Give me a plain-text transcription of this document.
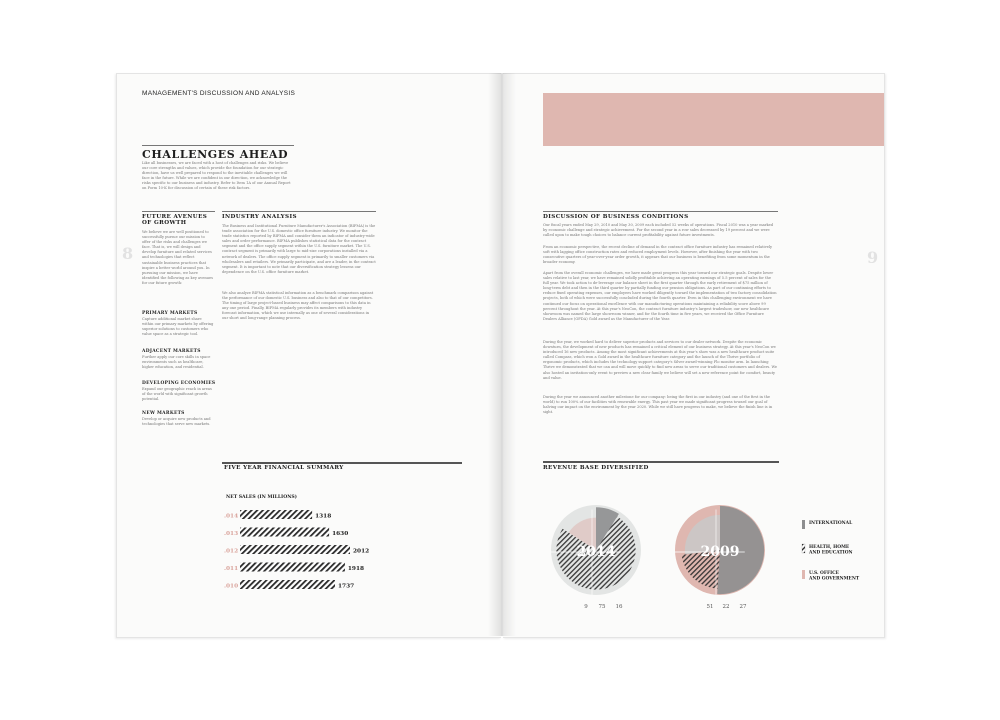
MANAGEMENT'S DISCUSSION AND ANALYSIS
8
CHALLENGES AHEAD
Like all businesses, we are faced with a host of challenges and risks. We believe our core strengths and values, which provide the foundation for our strategic direction, have us well prepared to respond to the inevitable challenges we will face in the future. While we are confident in our direction, we acknowledge the risks specific to our business and industry. Refer to Item 1A of our Annual Report on Form 10-K for discussion of certain of these risk factors.
FUTURE AVENUES OF GROWTH
We believe we are well positioned to successfully pursue our mission to offer of the risks and challenges we face. That is, we will design and develop furniture and related services and technologies that reflect sustainable business practices that inspire a better world around you. In pursuing our mission, we have identified the following as key avenues for our future growth:
PRIMARY MARKETS
Capture additional market share within our primary markets by offering superior solutions to customers who value space as a strategic tool.
ADJACENT MARKETS
Further apply our core skills in space environments such as healthcare, higher education, and residential.
DEVELOPING ECONOMIES
Expand our geographic reach in areas of the world with significant growth potential.
NEW MARKETS
Develop or acquire new products and technologies that serve new markets.
INDUSTRY ANALYSIS
The Business and Institutional Furniture Manufacturer's Association (BIFMA) is the trade association for the U.S. domestic office furniture industry. We monitor the trade statistics reported by BIFMA and consider them an indicator of industry-wide sales and order performance. BIFMA publishes statistical data for the contract segment and the office supply segment within the U.S. furniture market. The U.S. contract segment is primarily with large to mid-size corporations installed via a network of dealers. The office supply segment is primarily to smaller customers via wholesalers and retailers. We primarily participate, and are a leader, in the contract segment. It is important to note that our diversification strategy lessens our dependence on the U.S. office furniture market.
We also analyze BIFMA statistical information as a benchmark comparison against the performance of our domestic U.S. business and also to that of our competitors. The timing of large project-based business may affect comparisons to this data in any one period. Finally, BIFMA regularly provides its members with industry forecast information, which we use internally as one of several considerations in our short and long-range planning process.
FIVE YEAR FINANCIAL SUMMARY
NET SALES (IN MILLIONS)
.014	1318
.013	1630
.012	2012
.011	1918
.010	1737
9
DISCUSSION OF BUSINESS CONDITIONS
Our fiscal years ended May 29, 2010 and May 30, 2009 each included 52 weeks of operations. Fiscal 2010 was a year marked by economic challenge and strategic achievement. For the second year in a row sales decreased by 19 percent and we were called upon to make tough choices to balance current profitability against future investments.
From an economic perspective, the recent decline of demand in the contract office furniture industry has remained relatively soft with lagging office construction rates and reduced employment levels. However, after finishing the year with two consecutive quarters of year-over-year order growth, it appears that our business is benefiting from some momentum in the broader economy.
Apart from the overall economic challenges, we have made great progress this year toward our strategic goals. Despite lower sales relative to last year, we have remained solidly profitable achieving an operating earnings of 5.5 percent of sales for the full year. We took action to de-leverage our balance sheet in the first quarter through the early retirement of $75 million of long-term debt and then in the third quarter by partially funding our pension obligations. As part of our continuing efforts to reduce fixed operating expenses, our employees have worked diligently toward the implementation of two factory consolidation projects, both of which were successfully concluded during the fourth quarter. Even in this challenging environment we have continued our focus on operational excellence with our manufacturing operations maintaining a reliability score above 99 percent throughout the year. At this year's NeoCon, the contract furniture industry's largest tradeshow, our new healthcare showroom was named the large showroom winner, and for the fourth time in five years, we received the Office Furniture Dealers Alliance (OFDA) Gold award as the Manufacturer of the Year.
During the year, we worked hard to deliver superior products and services to our dealer network. Despite the economic downturn, the development of new products has remained a critical element of our business strategy. At this year's NeoCon we introduced 16 new products. Among the most significant achievements at this year's show was a new healthcare product suite called Compass, which won a Gold award in the healthcare furniture category and the launch of the Thrive portfolio of ergonomic products, which includes the technology support category's Silver award-winning Flo monitor arm. In launching Thrive we demonstrated that we can and will move quickly to find new areas to serve our traditional customers and dealers. We also hosted an invitation-only event to preview a new clear family we believe will set a new reference point for comfort, beauty and value.
During the year we announced another milestone for our company: being the first in our industry (and one of the first in the world) to run 100% of our facilities with renewable energy. This past year we made significant progress toward our goal of halving our impact on the environment by the year 2020. While we still have progress to make, we believe the finish line is in sight.
REVENUE BASE DIVERSIFIED
2014
9 75 16
2009
51 22 27
INTERNATIONAL
HEALTH, HOME AND EDUCATION
U.S. OFFICE AND GOVERNMENT
